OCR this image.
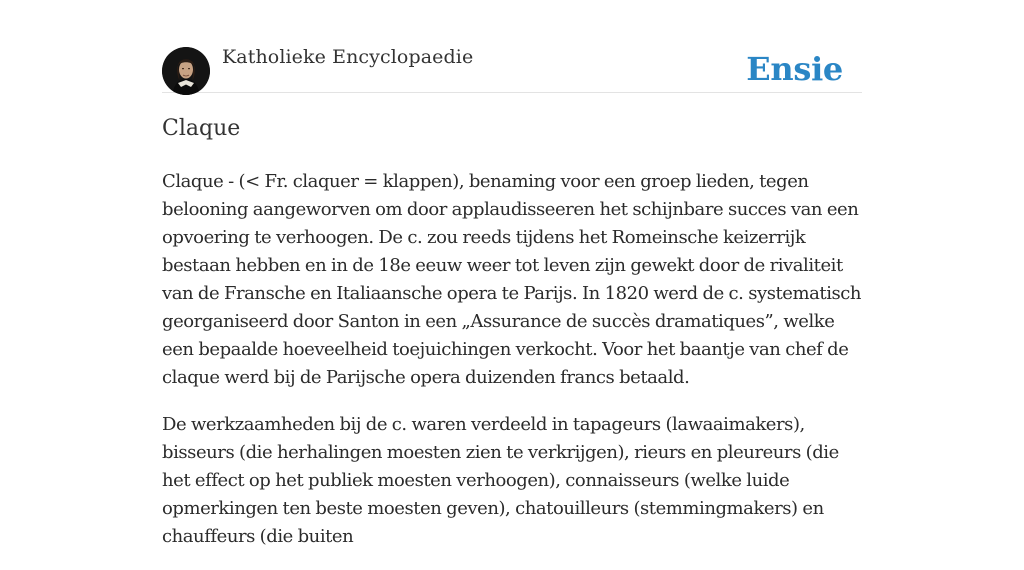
Katholieke Encyclopaedie	Ensie
Claque

Claque - (< Fr. claquer = klappen), benaming voor een groep lieden, tegen belooning aangeworven om door applaudisseeren het schijnbare succes van een opvoering te verhoogen. De c. zou reeds tijdens het Romeinsche keizerrijk bestaan hebben en in de 18e eeuw weer tot leven zijn gewekt door de rivaliteit van de Fransche en Italiaansche opera te Parijs. In 1820 werd de c. systematisch georganiseerd door Santon in een „Assurance de succès dramatiques”, welke een bepaalde hoeveelheid toejuichingen verkocht. Voor het baantje van chef de claque werd bij de Parijsche opera duizenden francs betaald.

De werkzaamheden bij de c. waren verdeeld in tapageurs (lawaaimakers), bisseurs (die herhalingen moesten zien te verkrijgen), rieurs en pleureurs (die het effect op het publiek moesten verhoogen), connaisseurs (welke luide opmerkingen ten beste moesten geven), chatouilleurs (stemmingmakers) en chauffeurs (die buiten
